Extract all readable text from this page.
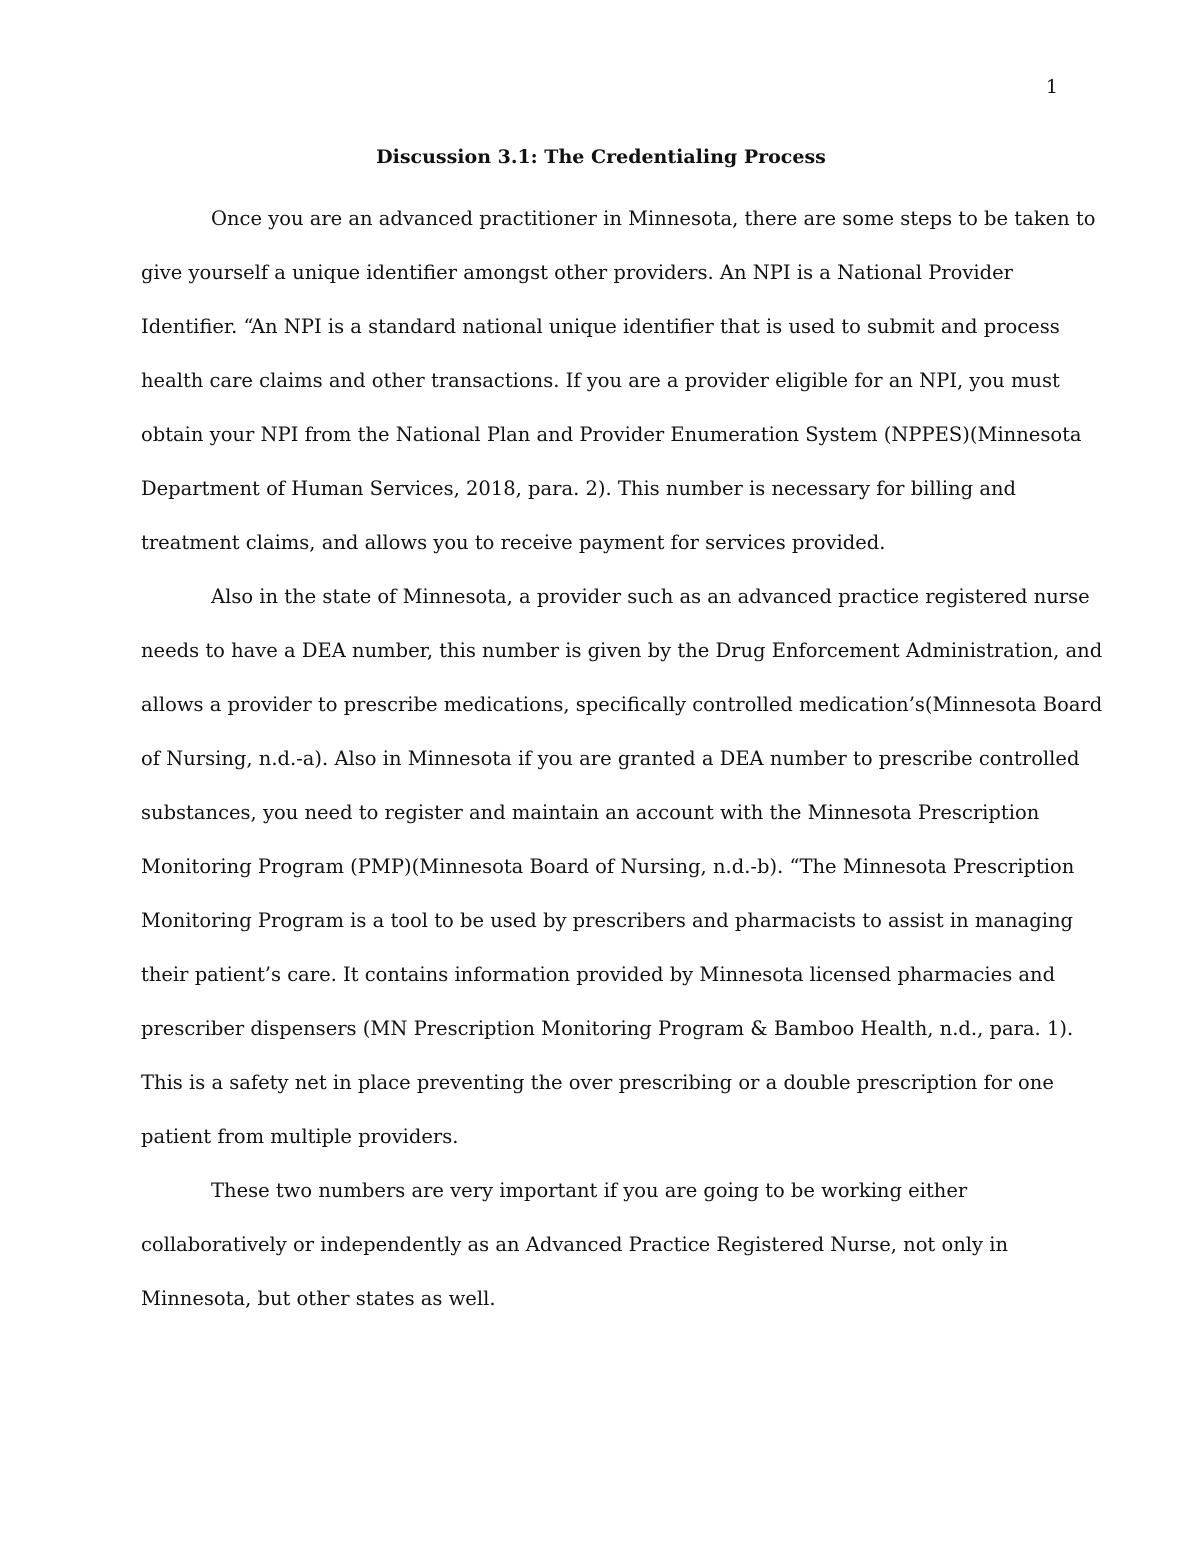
1
Discussion 3.1: The Credentialing Process
Once you are an advanced practitioner in Minnesota, there are some steps to be taken to
give yourself a unique identifier amongst other providers. An NPI is a National Provider
Identifier. “An NPI is a standard national unique identifier that is used to submit and process
health care claims and other transactions. If you are a provider eligible for an NPI, you must
obtain your NPI from the National Plan and Provider Enumeration System (NPPES)(Minnesota
Department of Human Services, 2018, para. 2). This number is necessary for billing and
treatment claims, and allows you to receive payment for services provided.
Also in the state of Minnesota, a provider such as an advanced practice registered nurse
needs to have a DEA number, this number is given by the Drug Enforcement Administration, and
allows a provider to prescribe medications, specifically controlled medication’s(Minnesota Board
of Nursing, n.d.-a). Also in Minnesota if you are granted a DEA number to prescribe controlled
substances, you need to register and maintain an account with the Minnesota Prescription
Monitoring Program (PMP)(Minnesota Board of Nursing, n.d.-b). “The Minnesota Prescription
Monitoring Program is a tool to be used by prescribers and pharmacists to assist in managing
their patient’s care. It contains information provided by Minnesota licensed pharmacies and
prescriber dispensers (MN Prescription Monitoring Program & Bamboo Health, n.d., para. 1).
This is a safety net in place preventing the over prescribing or a double prescription for one
patient from multiple providers.
These two numbers are very important if you are going to be working either
collaboratively or independently as an Advanced Practice Registered Nurse, not only in
Minnesota, but other states as well.
